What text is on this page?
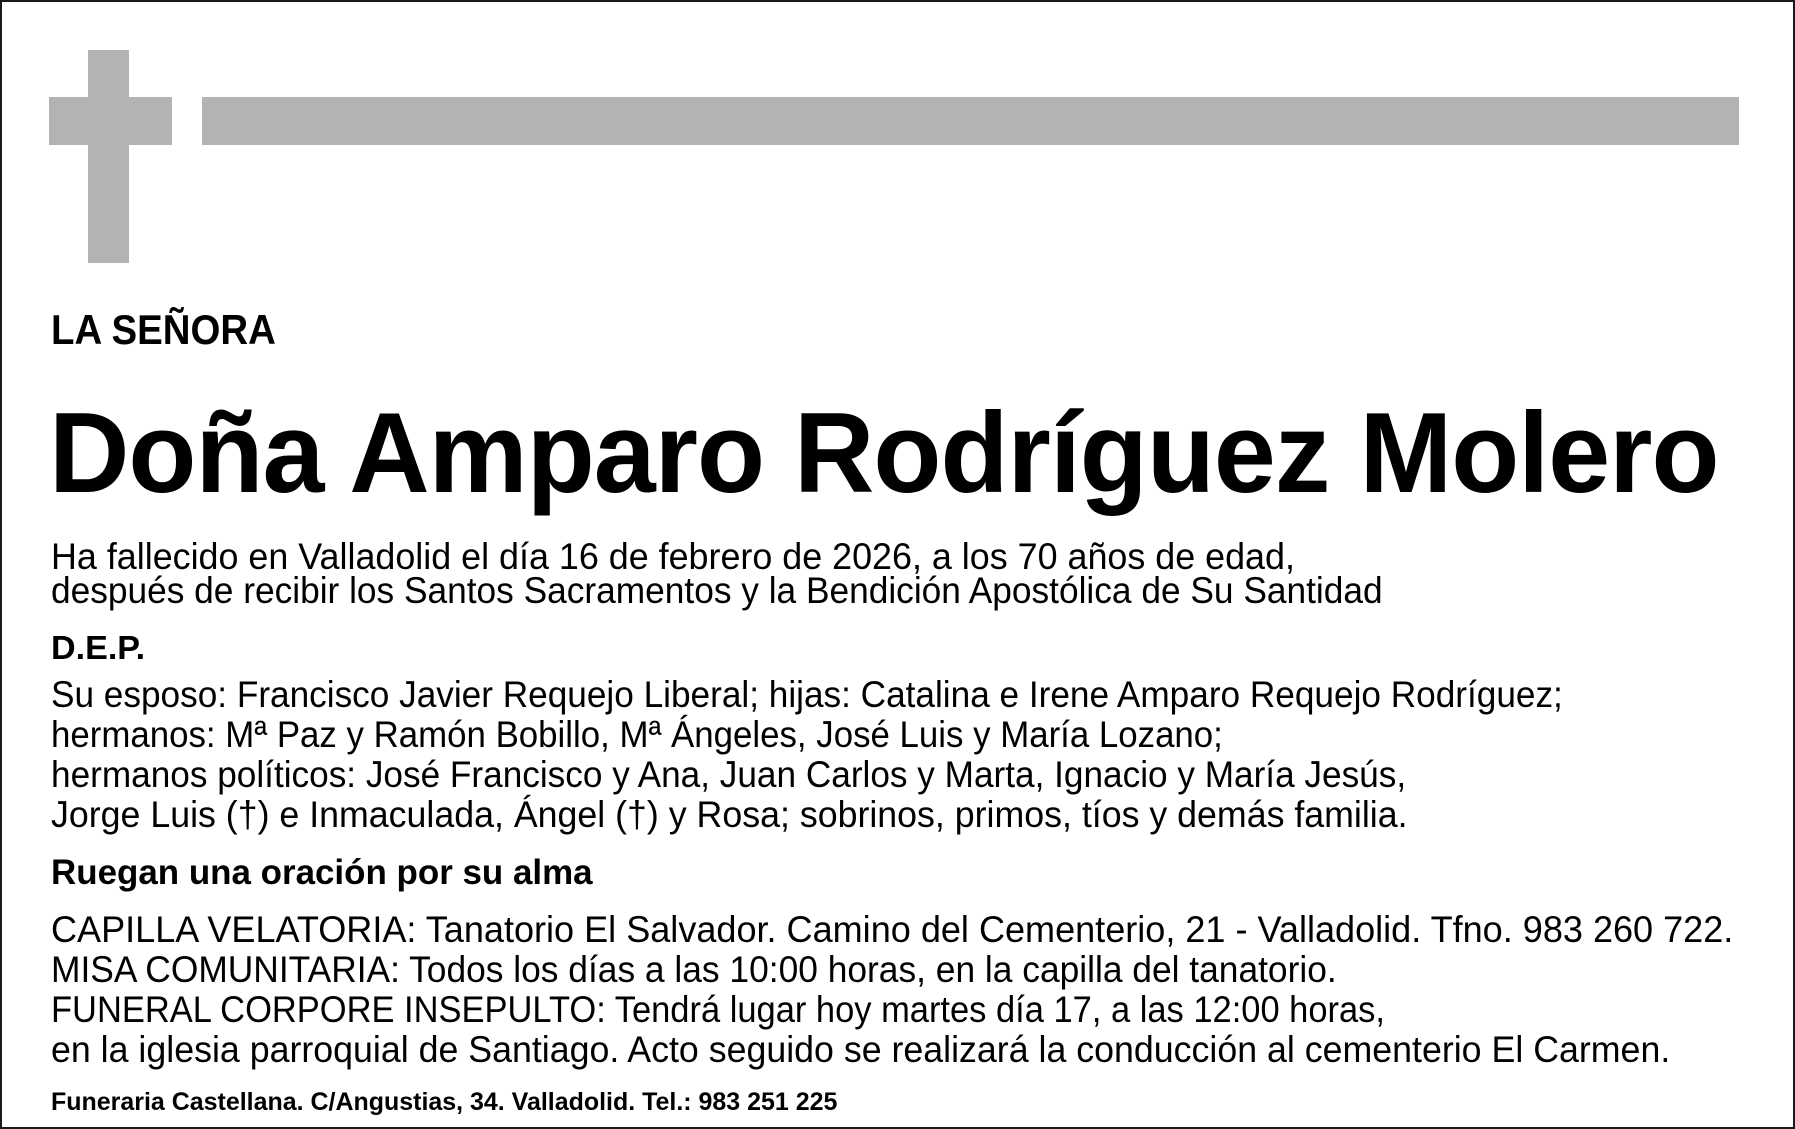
LA SEÑORA
Doña Amparo Rodríguez Molero
Ha fallecido en Valladolid el día 16 de febrero de 2026, a los 70 años de edad,
después de recibir los Santos Sacramentos y la Bendición Apostólica de Su Santidad
D.E.P.
Su esposo: Francisco Javier Requejo Liberal; hijas: Catalina e Irene Amparo Requejo Rodríguez;
hermanos: Mª Paz y Ramón Bobillo, Mª Ángeles, José Luis y María Lozano;
hermanos políticos: José Francisco y Ana, Juan Carlos y Marta, Ignacio y María Jesús,
Jorge Luis (†) e Inmaculada, Ángel (†) y Rosa; sobrinos, primos, tíos y demás familia.
Ruegan una oración por su alma
CAPILLA VELATORIA: Tanatorio El Salvador. Camino del Cementerio, 21 - Valladolid. Tfno. 983 260 722.
MISA COMUNITARIA: Todos los días a las 10:00 horas, en la capilla del tanatorio.
FUNERAL CORPORE INSEPULTO: Tendrá lugar hoy martes día 17, a las 12:00 horas,
en la iglesia parroquial de Santiago. Acto seguido se realizará la conducción al cementerio El Carmen.
Funeraria Castellana. C/Angustias, 34. Valladolid. Tel.: 983 251 225
